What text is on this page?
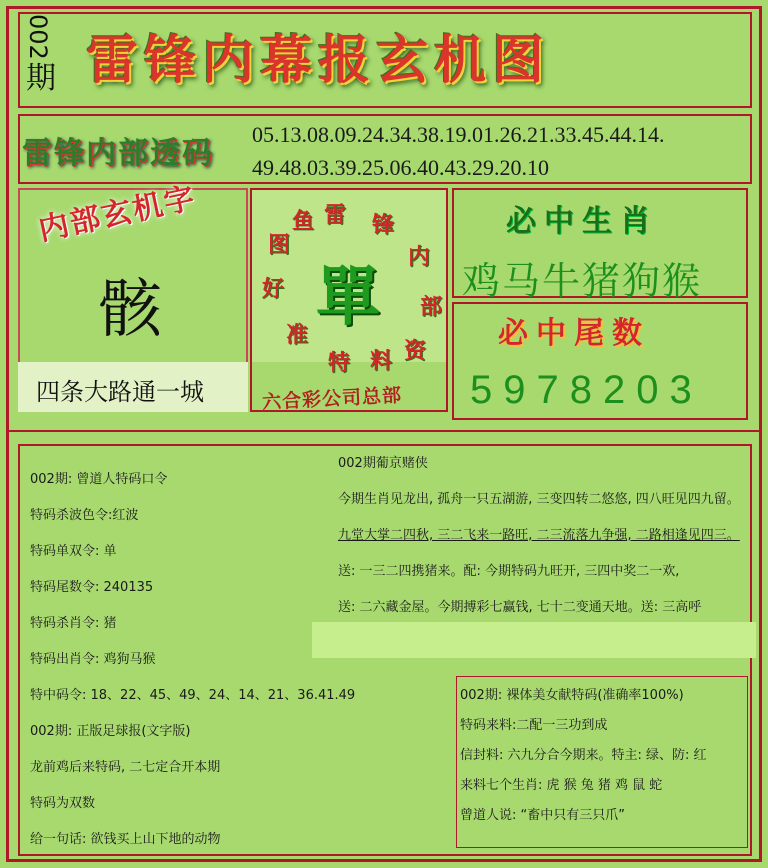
002
期 雷锋内幕报玄机图
雷锋内部透码
05.13.08.09.24.34.38.19.01.26.21.33.45.44.14.
49.48.03.39.25.06.40.43.29.20.10
内部玄机字
骸
四条大路通一城
雷 锋
内
部
资
料
特
准
好
图
鱼
單
六合彩公司总部
必中生肖
鸡马牛猪狗猴
必中尾数
5978203
002期: 曾道人特码口令
特码杀波色令:红波
特码单双令: 单
特码尾数令: 240135
特码杀肖令: 猪
特码出肖令: 鸡狗马猴
特中码令: 18、22、45、49、24、14、21、36.41.49
002期: 正版足球报(文字版)
龙前鸡后来特码, 二七定合开本期
特码为双数
给一句话: 欲钱买上山下地的动物
002期葡京赌侠
今期生肖见龙出, 孤舟一只五湖游, 三变四转二悠悠, 四八旺见四九留。
九堂大掌二四秋, 三二飞来一路旺, 二三流落九争强, 二路相逢见四三。
送: 一三二四携猪来。配: 今期特码九旺开, 三四中奖二一欢,
送: 二六藏金屋。今期搏彩七赢钱, 七十二变通天地。送: 三高呼
002期: 裸体美女献特码(准确率100%)
特码来料:二配一三功到成
信封料: 六九分合今期来。特主: 绿、防: 红
来料七个生肖: 虎 猴 兔 猪 鸡 鼠 蛇
曾道人说: “畜中只有三只爪”
